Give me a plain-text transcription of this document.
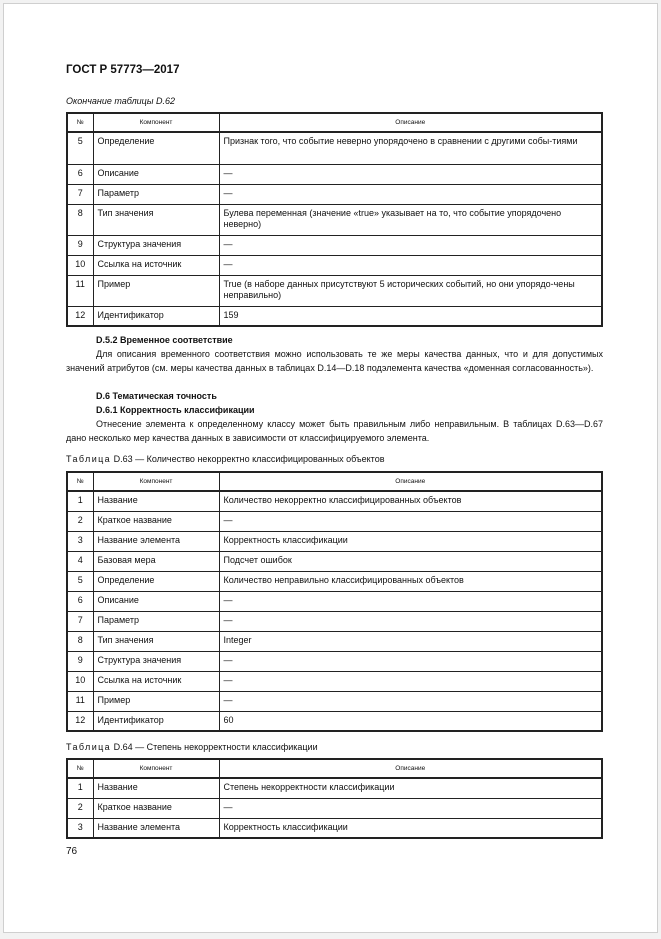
ГОСТ Р 57773—2017
Окончание таблицы D.62
№	Компонент	Описание
5	Определение	Признак того, что событие неверно упорядочено в сравнении с другими собы-тиями
6	Описание	—
7	Параметр	—
8	Тип значения	Булева переменная (значение «true» указывает на то, что событие упорядочено неверно)
9	Структура значения	—
10	Ссылка на источник	—
11	Пример	True (в наборе данных присутствуют 5 исторических событий, но они упорядо-чены неправильно)
12	Идентификатор	159
D.5.2 Временное соответствие
Для описания временного соответствия можно использовать те же меры качества данных, что и для допустимых значений атрибутов (см. меры качества данных в таблицах D.14—D.18 подэлемента качества «доменная согласованность»).
D.6 Тематическая точность
D.6.1 Корректность классификации
Отнесение элемента к определенному классу может быть правильным либо неправильным. В таблицах D.63—D.67 дано несколько мер качества данных в зависимости от классифицируемого элемента.
Таблица D.63 — Количество некорректно классифицированных объектов
№	Компонент	Описание
1	Название	Количество некорректно классифицированных объектов
2	Краткое название	—
3	Название элемента	Корректность классификации
4	Базовая мера	Подсчет ошибок
5	Определение	Количество неправильно классифицированных объектов
6	Описание	—
7	Параметр	—
8	Тип значения	Integer
9	Структура значения	—
10	Ссылка на источник	—
11	Пример	—
12	Идентификатор	60
Таблица D.64 — Степень некорректности классификации
№	Компонент	Описание
1	Название	Степень некорректности классификации
2	Краткое название	—
3	Название элемента	Корректность классификации
76
